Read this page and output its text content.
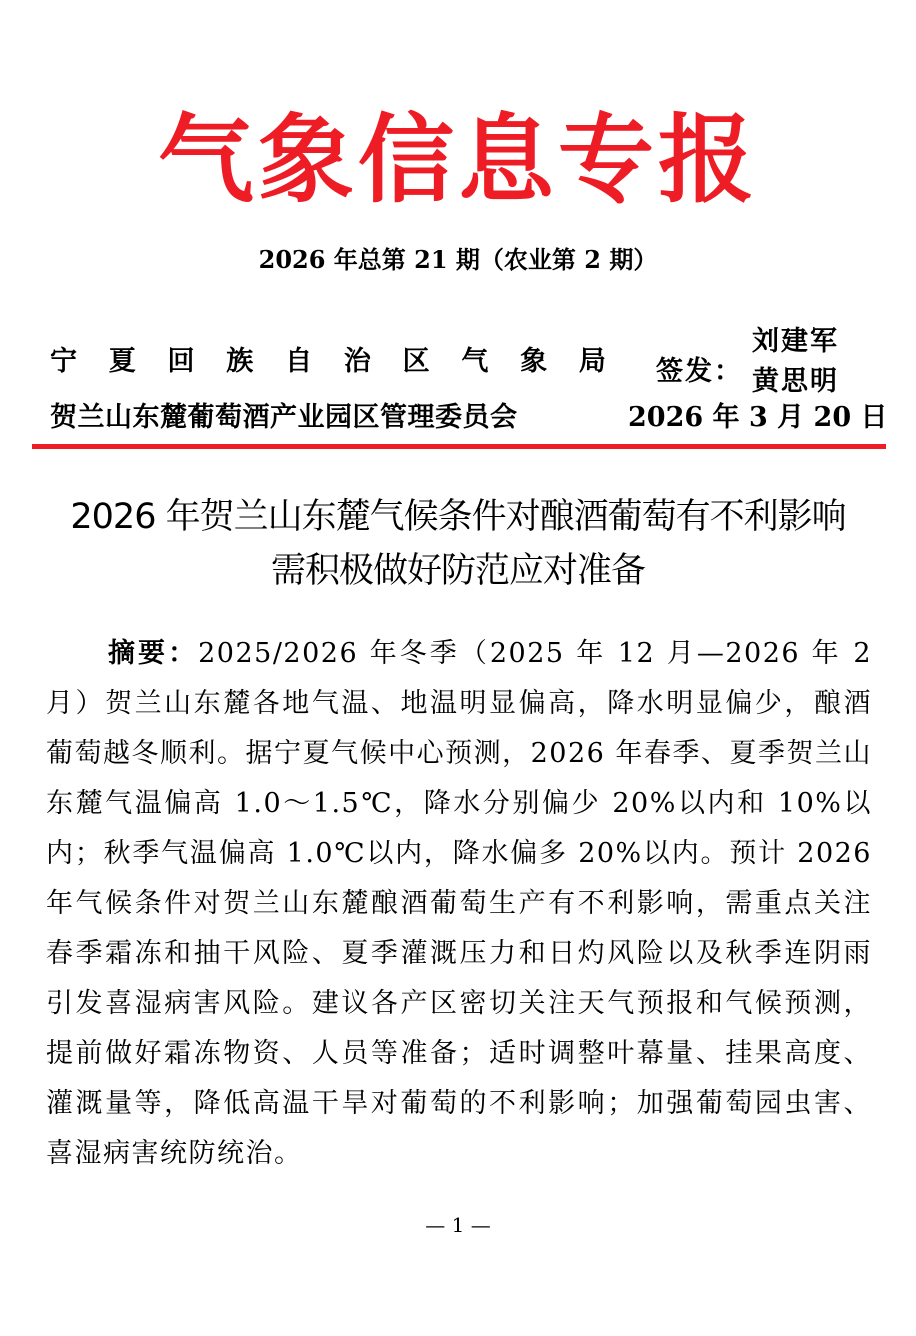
气象信息专报
2026 年总第 21 期（农业第 2 期）
宁 夏 回 族 自 治 区 气 象 局 签发：
刘建军
黄思明
贺兰山东麓葡萄酒产业园区管理委员会	2026 年 3 月 20 日
2026 年贺兰山东麓气候条件对酿酒葡萄有不利影响
需积极做好防范应对准备
摘要：2025/2026 年冬季（2025 年 12 月—2026 年 2 月）贺兰山东麓各地气温、地温明显偏高，降水明显偏少，酿酒葡萄越冬顺利。据宁夏气候中心预测，2026 年春季、夏季贺兰山东麓气温偏高 1.0～1.5℃，降水分别偏少 20%以内和 10%以内；秋季气温偏高 1.0℃以内，降水偏多 20%以内。预计 2026 年气候条件对贺兰山东麓酿酒葡萄生产有不利影响，需重点关注春季霜冻和抽干风险、夏季灌溉压力和日灼风险以及秋季连阴雨引发喜湿病害风险。建议各产区密切关注天气预报和气候预测，提前做好霜冻物资、人员等准备；适时调整叶幕量、挂果高度、灌溉量等，降低高温干旱对葡萄的不利影响；加强葡萄园虫害、喜湿病害统防统治。
— 1 —
